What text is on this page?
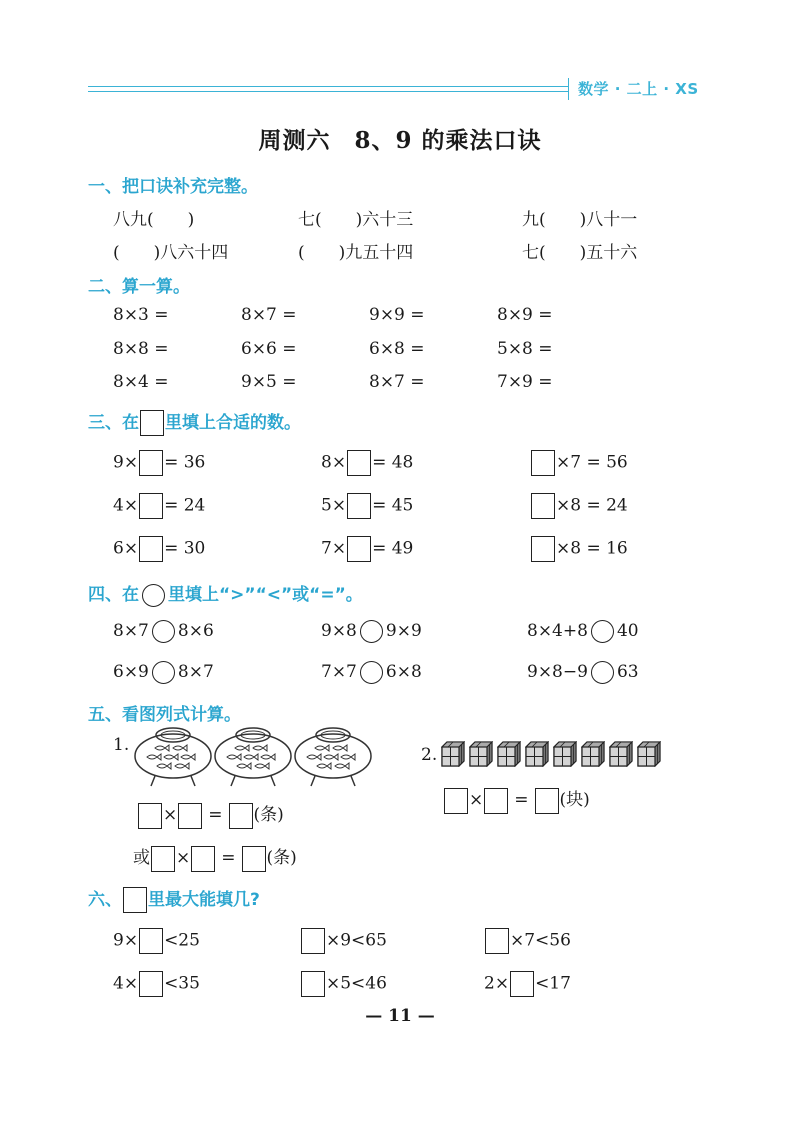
数学 · 二上 · XS
周测六　8、9 的乘法口诀
一、把口诀补充完整。
八九(　　)	七(　　)六十三	九(　　)八十一
(　　)八六十四	(　　)九五十四	七(　　)五十六
二、算一算。
8×3 =	8×7 =	9×9 =	8×9 =
8×8 =	6×6 =	6×8 =	5×8 =
8×4 =	9×5 =	8×7 =	7×9 =
三、在 里填上合适的数。
9× = 36	8× = 48	×7 = 56
4× = 24	5× = 45	×8 = 24
6× = 30	7× = 49	×8 = 16
四、在 里填上“>”“<”或“=”。
8×7 8×6	9×8 9×9	8×4+8 40
6×9 8×7	7×7 6×8	9×8−9 63
五、看图列式计算。
1.
× = (条)
或 × = (条)
2.
× = (块)
六、 里最大能填几?
9× <25	×9<65	×7<56
4× <35	×5<46	2× <17
— 11 —
